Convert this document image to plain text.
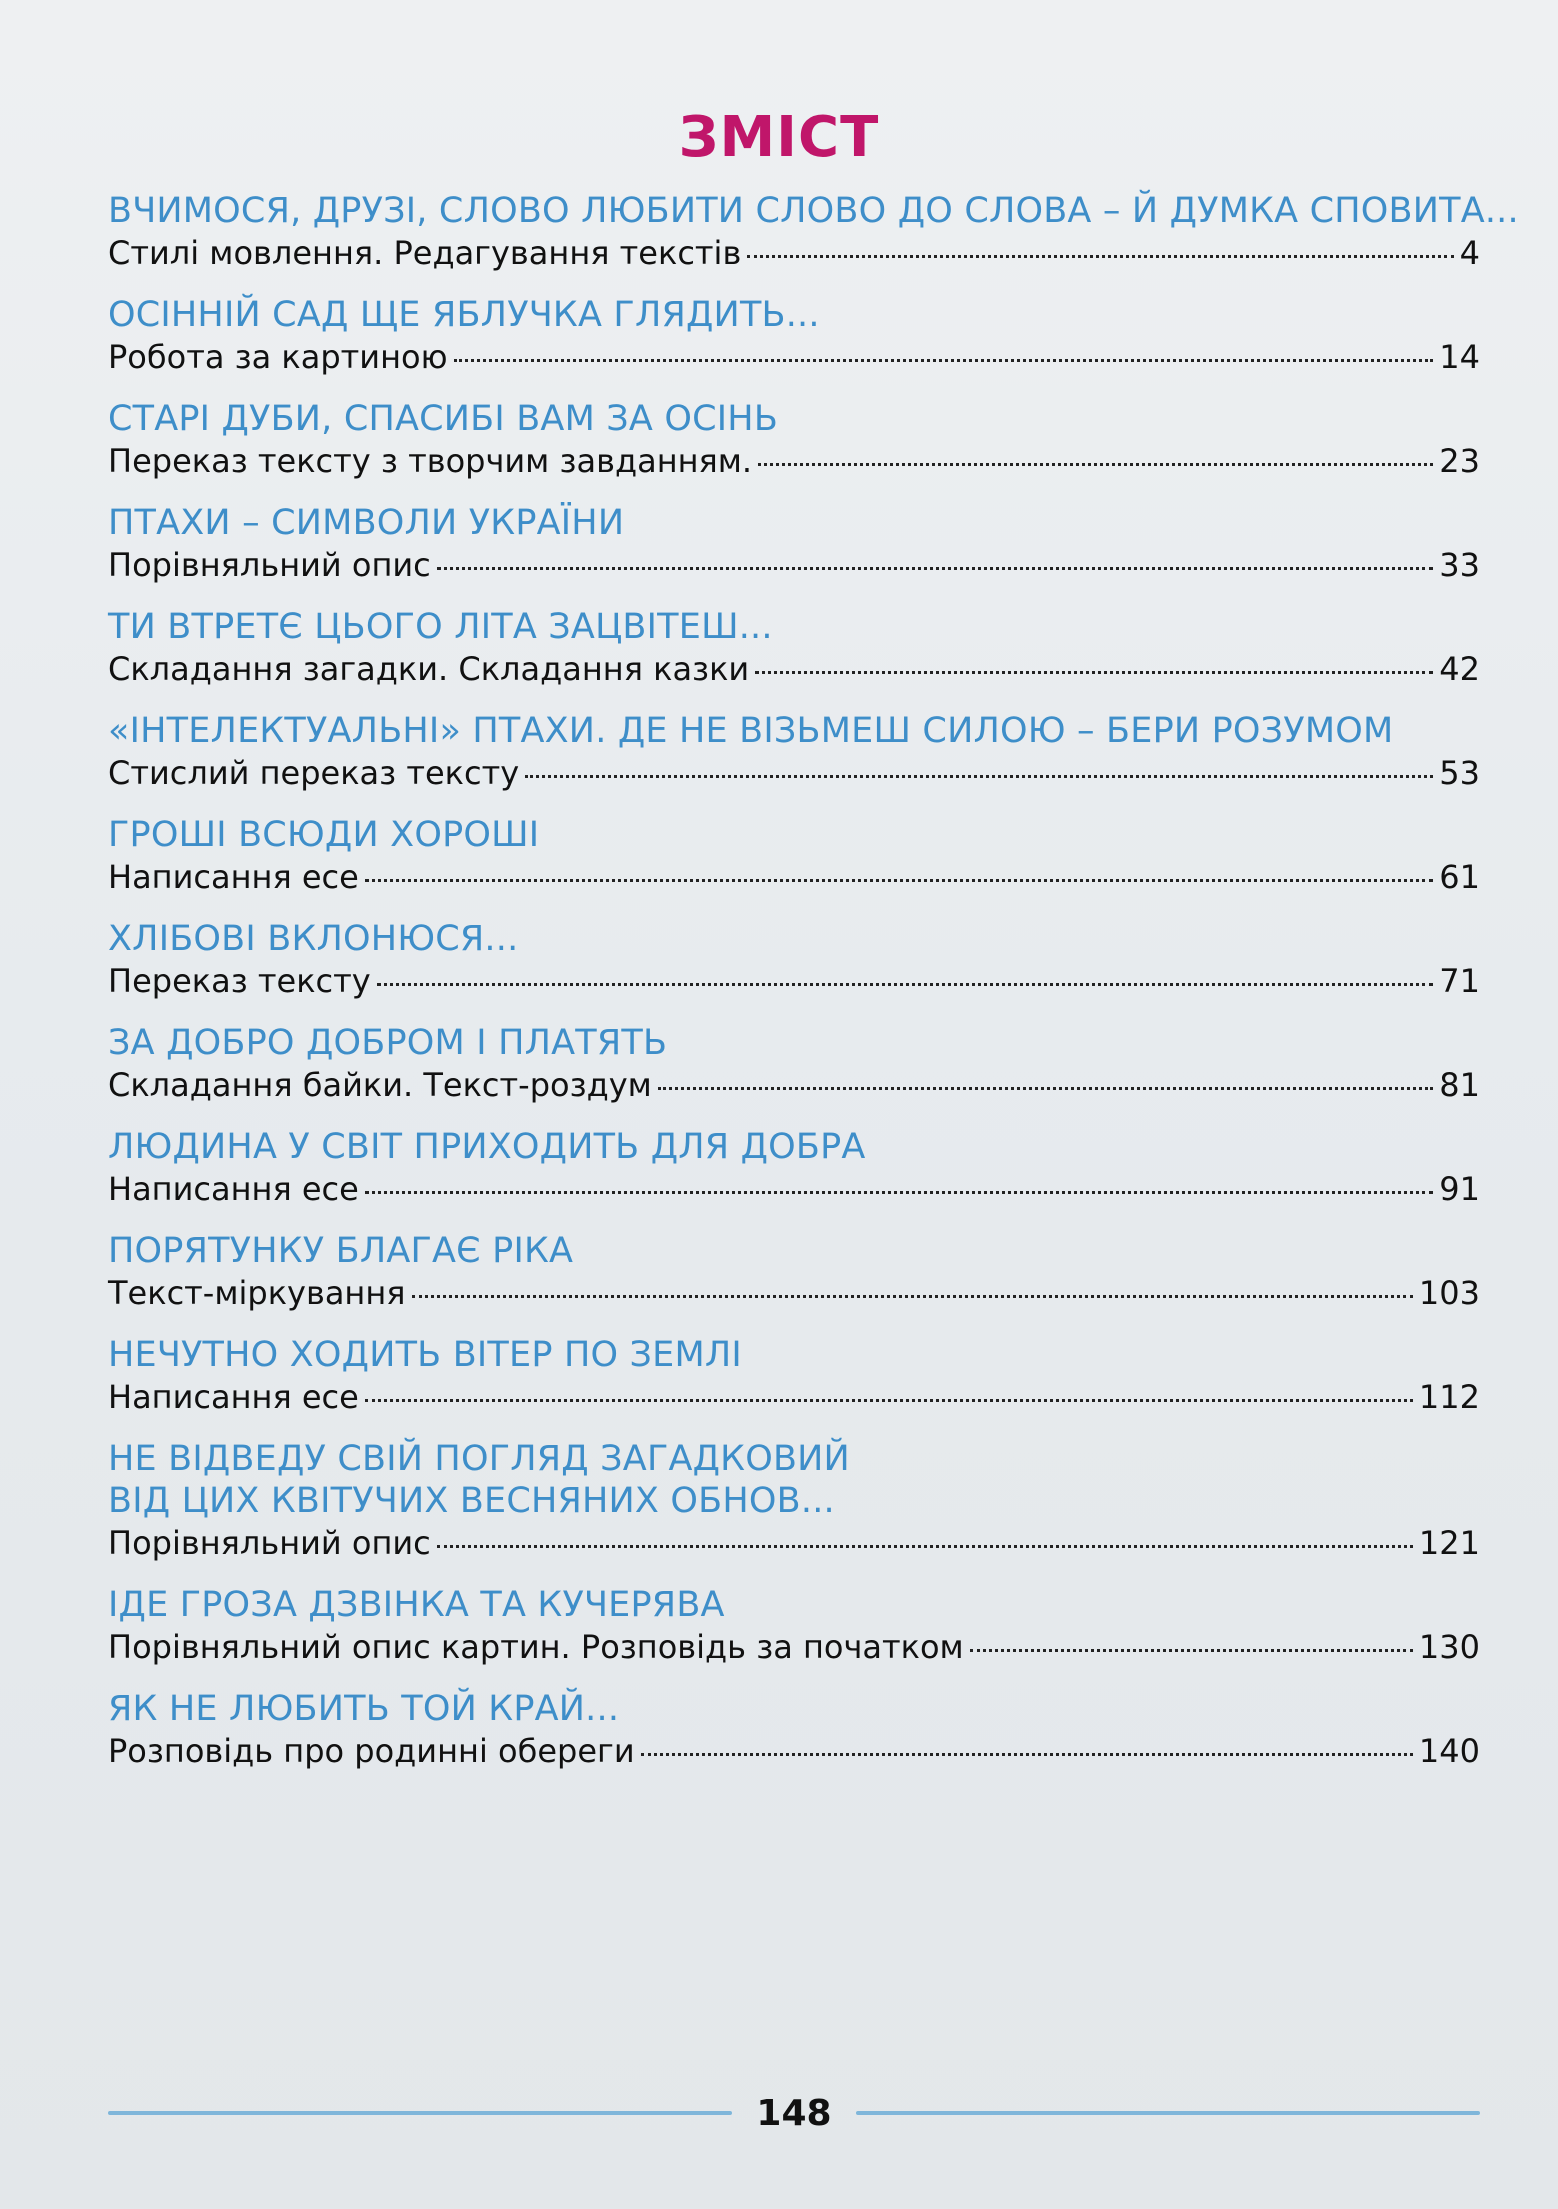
ЗМІСТ
ВЧИМОСЯ, ДРУЗІ, СЛОВО ЛЮБИТИ СЛОВО ДО СЛОВА – Й ДУМКА СПОВИТА...
Стилі мовлення. Редагування текстів	4
ОСІННІЙ САД ЩЕ ЯБЛУЧКА ГЛЯДИТЬ...
Робота за картиною	14
СТАРІ ДУБИ, СПАСИБІ ВАМ ЗА ОСІНЬ
Переказ тексту з творчим завданням.	23
ПТАХИ – СИМВОЛИ УКРАЇНИ
Порівняльний опис	33
ТИ ВТРЕТЄ ЦЬОГО ЛІТА ЗАЦВІТЕШ...
Складання загадки. Складання казки	42
«ІНТЕЛЕКТУАЛЬНІ» ПТАХИ. ДЕ НЕ ВІЗЬМЕШ СИЛОЮ – БЕРИ РОЗУМОМ
Стислий переказ тексту	53
ГРОШІ ВСЮДИ ХОРОШІ
Написання есе	61
ХЛІБОВІ ВКЛОНЮСЯ...
Переказ тексту	71
ЗА ДОБРО ДОБРОМ І ПЛАТЯТЬ
Складання байки. Текст-роздум	81
ЛЮДИНА У СВІТ ПРИХОДИТЬ ДЛЯ ДОБРА
Написання есе	91
ПОРЯТУНКУ БЛАГАЄ РІКА
Текст-міркування	103
НЕЧУТНО ХОДИТЬ ВІТЕР ПО ЗЕМЛІ
Написання есе	112
НЕ ВІДВЕДУ СВІЙ ПОГЛЯД ЗАГАДКОВИЙ
ВІД ЦИХ КВІТУЧИХ ВЕСНЯНИХ ОБНОВ...
Порівняльний опис	121
ІДЕ ГРОЗА ДЗВІНКА ТА КУЧЕРЯВА
Порівняльний опис картин. Розповідь за початком	130
ЯК НЕ ЛЮБИТЬ ТОЙ КРАЙ...
Розповідь про родинні обереги	140
148
